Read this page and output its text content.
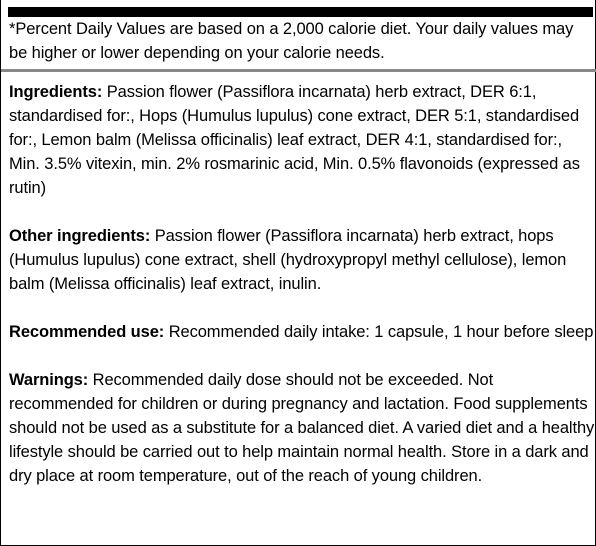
*Percent Daily Values are based on a 2,000 calorie diet. Your daily values may be higher or lower depending on your calorie needs.

Ingredients: Passion flower (Passiflora incarnata) herb extract, DER 6:1, standardised for:, Hops (Humulus lupulus) cone extract, DER 5:1, standardised for:, Lemon balm (Melissa officinalis) leaf extract, DER 4:1, standardised for:, Min. 3.5% vitexin, min. 2% rosmarinic acid, Min. 0.5% flavonoids (expressed as rutin)

Other ingredients: Passion flower (Passiflora incarnata) herb extract, hops (Humulus lupulus) cone extract, shell (hydroxypropyl methyl cellulose), lemon balm (Melissa officinalis) leaf extract, inulin.

Recommended use: Recommended daily intake: 1 capsule, 1 hour before sleep

Warnings: Recommended daily dose should not be exceeded. Not recommended for children or during pregnancy and lactation. Food supplements should not be used as a substitute for a balanced diet. A varied diet and a healthy lifestyle should be carried out to help maintain normal health. Store in a dark and dry place at room temperature, out of the reach of young children.
